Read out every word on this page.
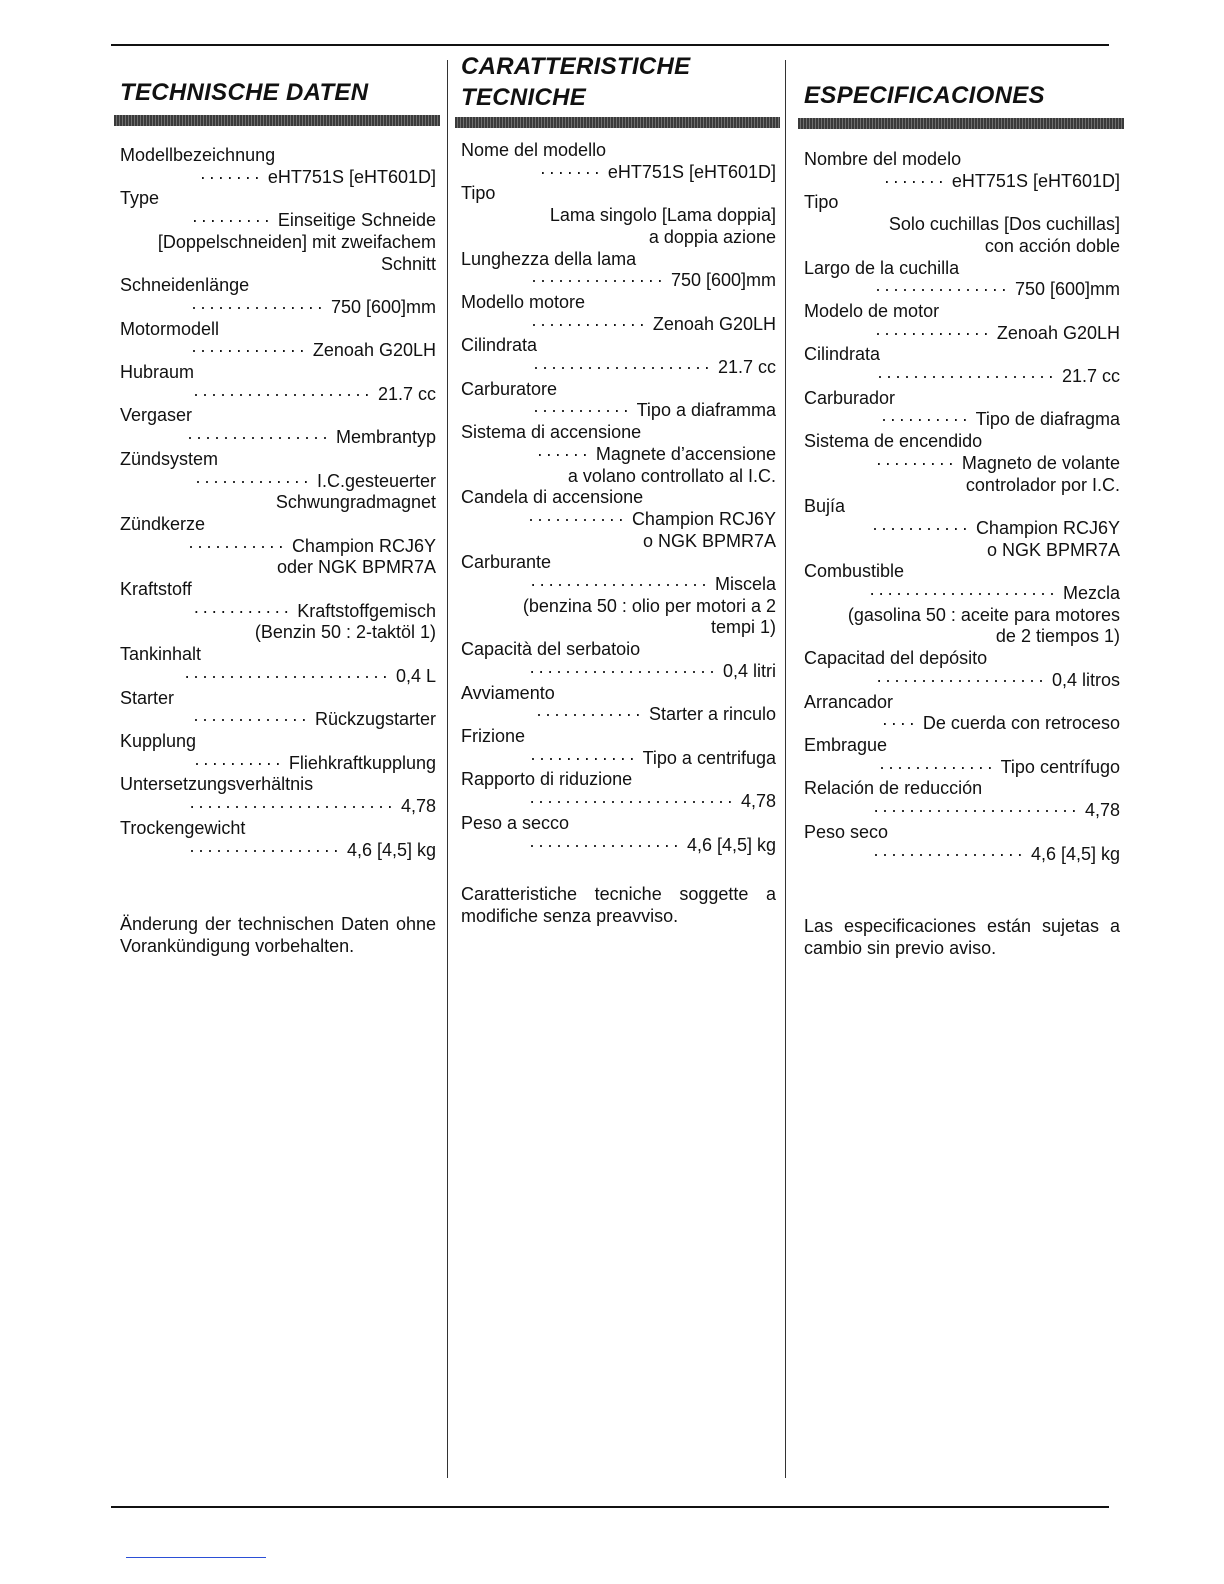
TECHNISCHE DATEN
Modellbezeichnung
······· eHT751S [eHT601D]
Type
········· Einseitige Schneide
[Doppelschneiden] mit zweifachem
Schnitt
Schneidenlänge
··············· 750 [600]mm
Motormodell
············· Zenoah G20LH
Hubraum
···················· 21.7 cc
Vergaser
················ Membrantyp
Zündsystem
············· I.C.gesteuerter
Schwungradmagnet
Zündkerze
··········· Champion RCJ6Y
oder NGK BPMR7A
Kraftstoff
··········· Kraftstoffgemisch
(Benzin 50 : 2-taktöl 1)
Tankinhalt
······················· 0,4 L
Starter
············· Rückzugstarter
Kupplung
·········· Fliehkraftkupplung
Untersetzungsverhältnis
······················· 4,78
Trockengewicht
················· 4,6 [4,5] kg

Änderung der technischen Daten ohne Vorankündigung vorbehalten.

CARATTERISTICHE
TECNICHE
Nome del modello
······· eHT751S [eHT601D]
Tipo
Lama singolo [Lama doppia]
a doppia azione
Lunghezza della lama
··············· 750 [600]mm
Modello motore
············· Zenoah G20LH
Cilindrata
···················· 21.7 cc
Carburatore
··········· Tipo a diaframma
Sistema di accensione
······ Magnete d’accensione
a volano controllato al I.C.
Candela di accensione
··········· Champion RCJ6Y
o NGK BPMR7A
Carburante
···················· Miscela
(benzina 50 : olio per motori a 2
tempi 1)
Capacità del serbatoio
····················· 0,4 litri
Avviamento
············ Starter a rinculo
Frizione
············ Tipo a centrifuga
Rapporto di riduzione
······················· 4,78
Peso a secco
················· 4,6 [4,5] kg

Caratteristiche tecniche soggette a modifiche senza preavviso.

ESPECIFICACIONES
Nombre del modelo
······· eHT751S [eHT601D]
Tipo
Solo cuchillas [Dos cuchillas]
con acción doble
Largo de la cuchilla
··············· 750 [600]mm
Modelo de motor
············· Zenoah G20LH
Cilindrata
···················· 21.7 cc
Carburador
·········· Tipo de diafragma
Sistema de encendido
········· Magneto de volante
controlador por I.C.
Bujía
··········· Champion RCJ6Y
o NGK BPMR7A
Combustible
····················· Mezcla
(gasolina 50 : aceite para motores
de 2 tiempos 1)
Capacitad del depósito
··················· 0,4 litros
Arrancador
···· De cuerda con retroceso
Embrague
············· Tipo centrífugo
Relación de reducción
······················· 4,78
Peso seco
················· 4,6 [4,5] kg

Las especificaciones están sujetas a cambio sin previo aviso.
